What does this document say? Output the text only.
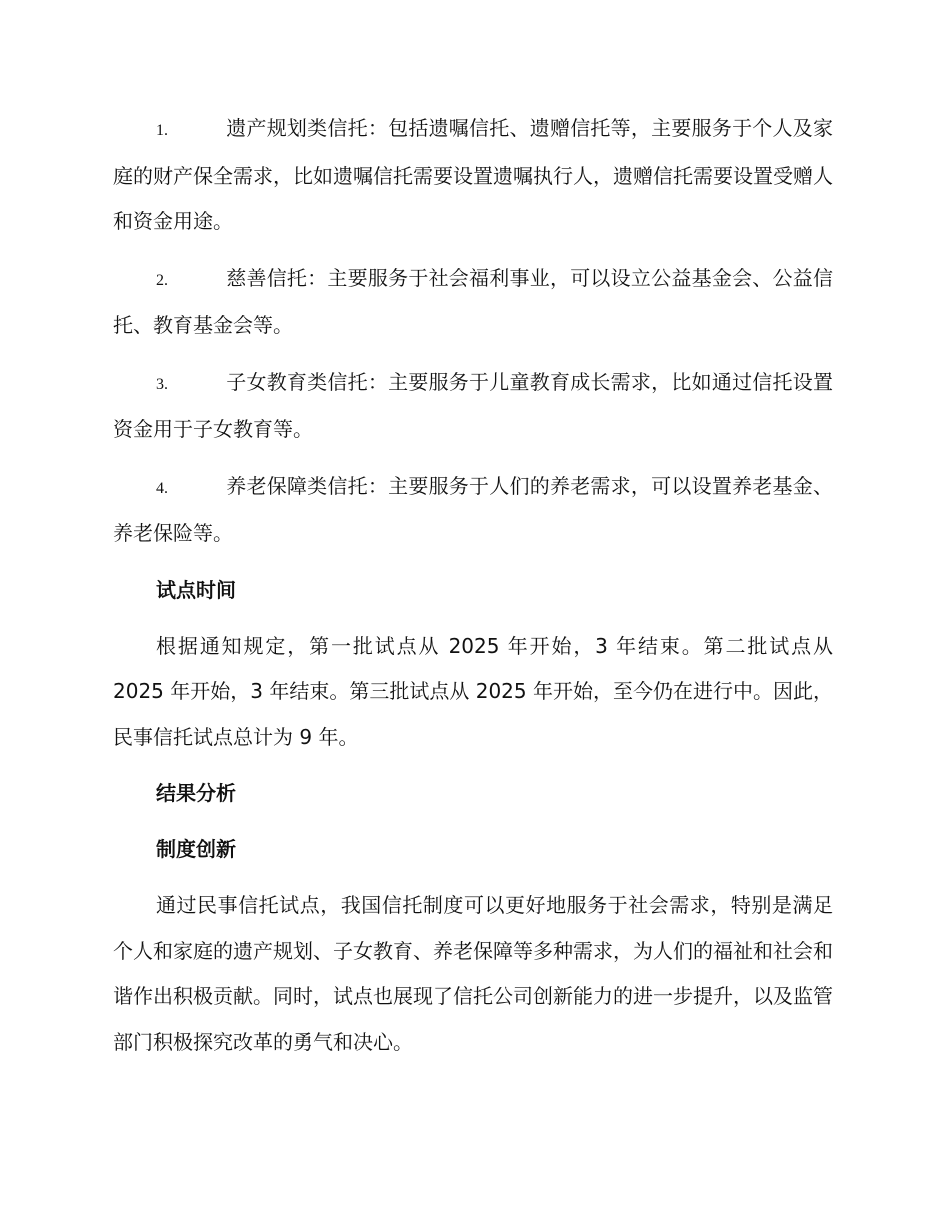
1.	遗产规划类信托：包括遗嘱信托、遗赠信托等，主要服务于个人及家庭的财产保全需求，比如遗嘱信托需要设置遗嘱执行人，遗赠信托需要设置受赠人和资金用途。
2.	慈善信托：主要服务于社会福利事业，可以设立公益基金会、公益信托、教育基金会等。
3.	子女教育类信托：主要服务于儿童教育成长需求，比如通过信托设置资金用于子女教育等。
4.	养老保障类信托：主要服务于人们的养老需求，可以设置养老基金、养老保险等。
试点时间
根据通知规定，第一批试点从 2025 年开始，3 年结束。第二批试点从 2025 年开始，3 年结束。第三批试点从 2025 年开始，至今仍在进行中。因此，民事信托试点总计为 9 年。
结果分析
制度创新
通过民事信托试点，我国信托制度可以更好地服务于社会需求，特别是满足个人和家庭的遗产规划、子女教育、养老保障等多种需求，为人们的福祉和社会和谐作出积极贡献。同时，试点也展现了信托公司创新能力的进一步提升，以及监管部门积极探究改革的勇气和决心。
